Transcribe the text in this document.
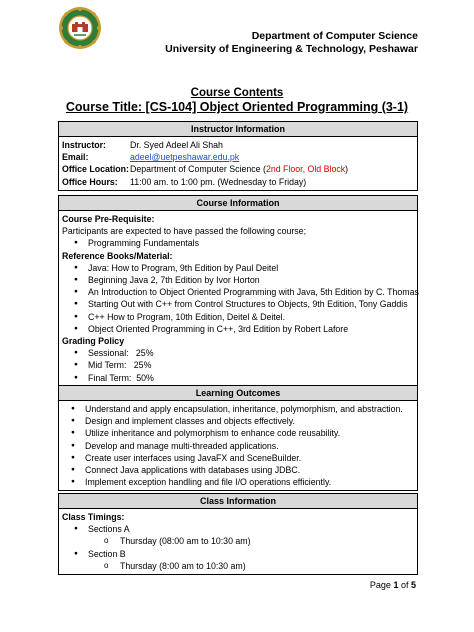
Department of Computer Science
University of Engineering & Technology, Peshawar
Course Contents
Course Title: [CS-104] Object Oriented Programming (3-1)
Instructor Information
Instructor:	Dr. Syed Adeel Ali Shah
Email:	adeel@uetpeshawar.edu.pk
Office Location: Department of Computer Science (2nd Floor, Old Block)
Office Hours:	11:00 am. to 1:00 pm. (Wednesday to Friday)
Course Information
Course Pre-Requisite:
Participants are expected to have passed the following course;
● Programming Fundamentals
Reference Books/Material:
● Java: How to Program, 9th Edition by Paul Deitel
● Beginning Java 2, 7th Edition by Ivor Horton
● An Introduction to Object Oriented Programming with Java, 5th Edition by C. Thomas
● Starting Out with C++ from Control Structures to Objects, 9th Edition, Tony Gaddis
● C++ How to Program, 10th Edition, Deitel & Deitel.
● Object Oriented Programming in C++, 3rd Edition by Robert Lafore
Grading Policy
● Sessional:   25%
● Mid Term:   25%
● Final Term:  50%
Learning Outcomes
● Understand and apply encapsulation, inheritance, polymorphism, and abstraction.
● Design and implement classes and objects effectively.
● Utilize inheritance and polymorphism to enhance code reusability.
● Develop and manage multi-threaded applications.
● Create user interfaces using JavaFX and SceneBuilder.
● Connect Java applications with databases using JDBC.
● Implement exception handling and file I/O operations efficiently.
Class Information
Class Timings:
● Sections A
o Thursday (08:00 am to 10:30 am)
● Section B
o Thursday (8:00 am to 10:30 am)
Page 1 of 5
